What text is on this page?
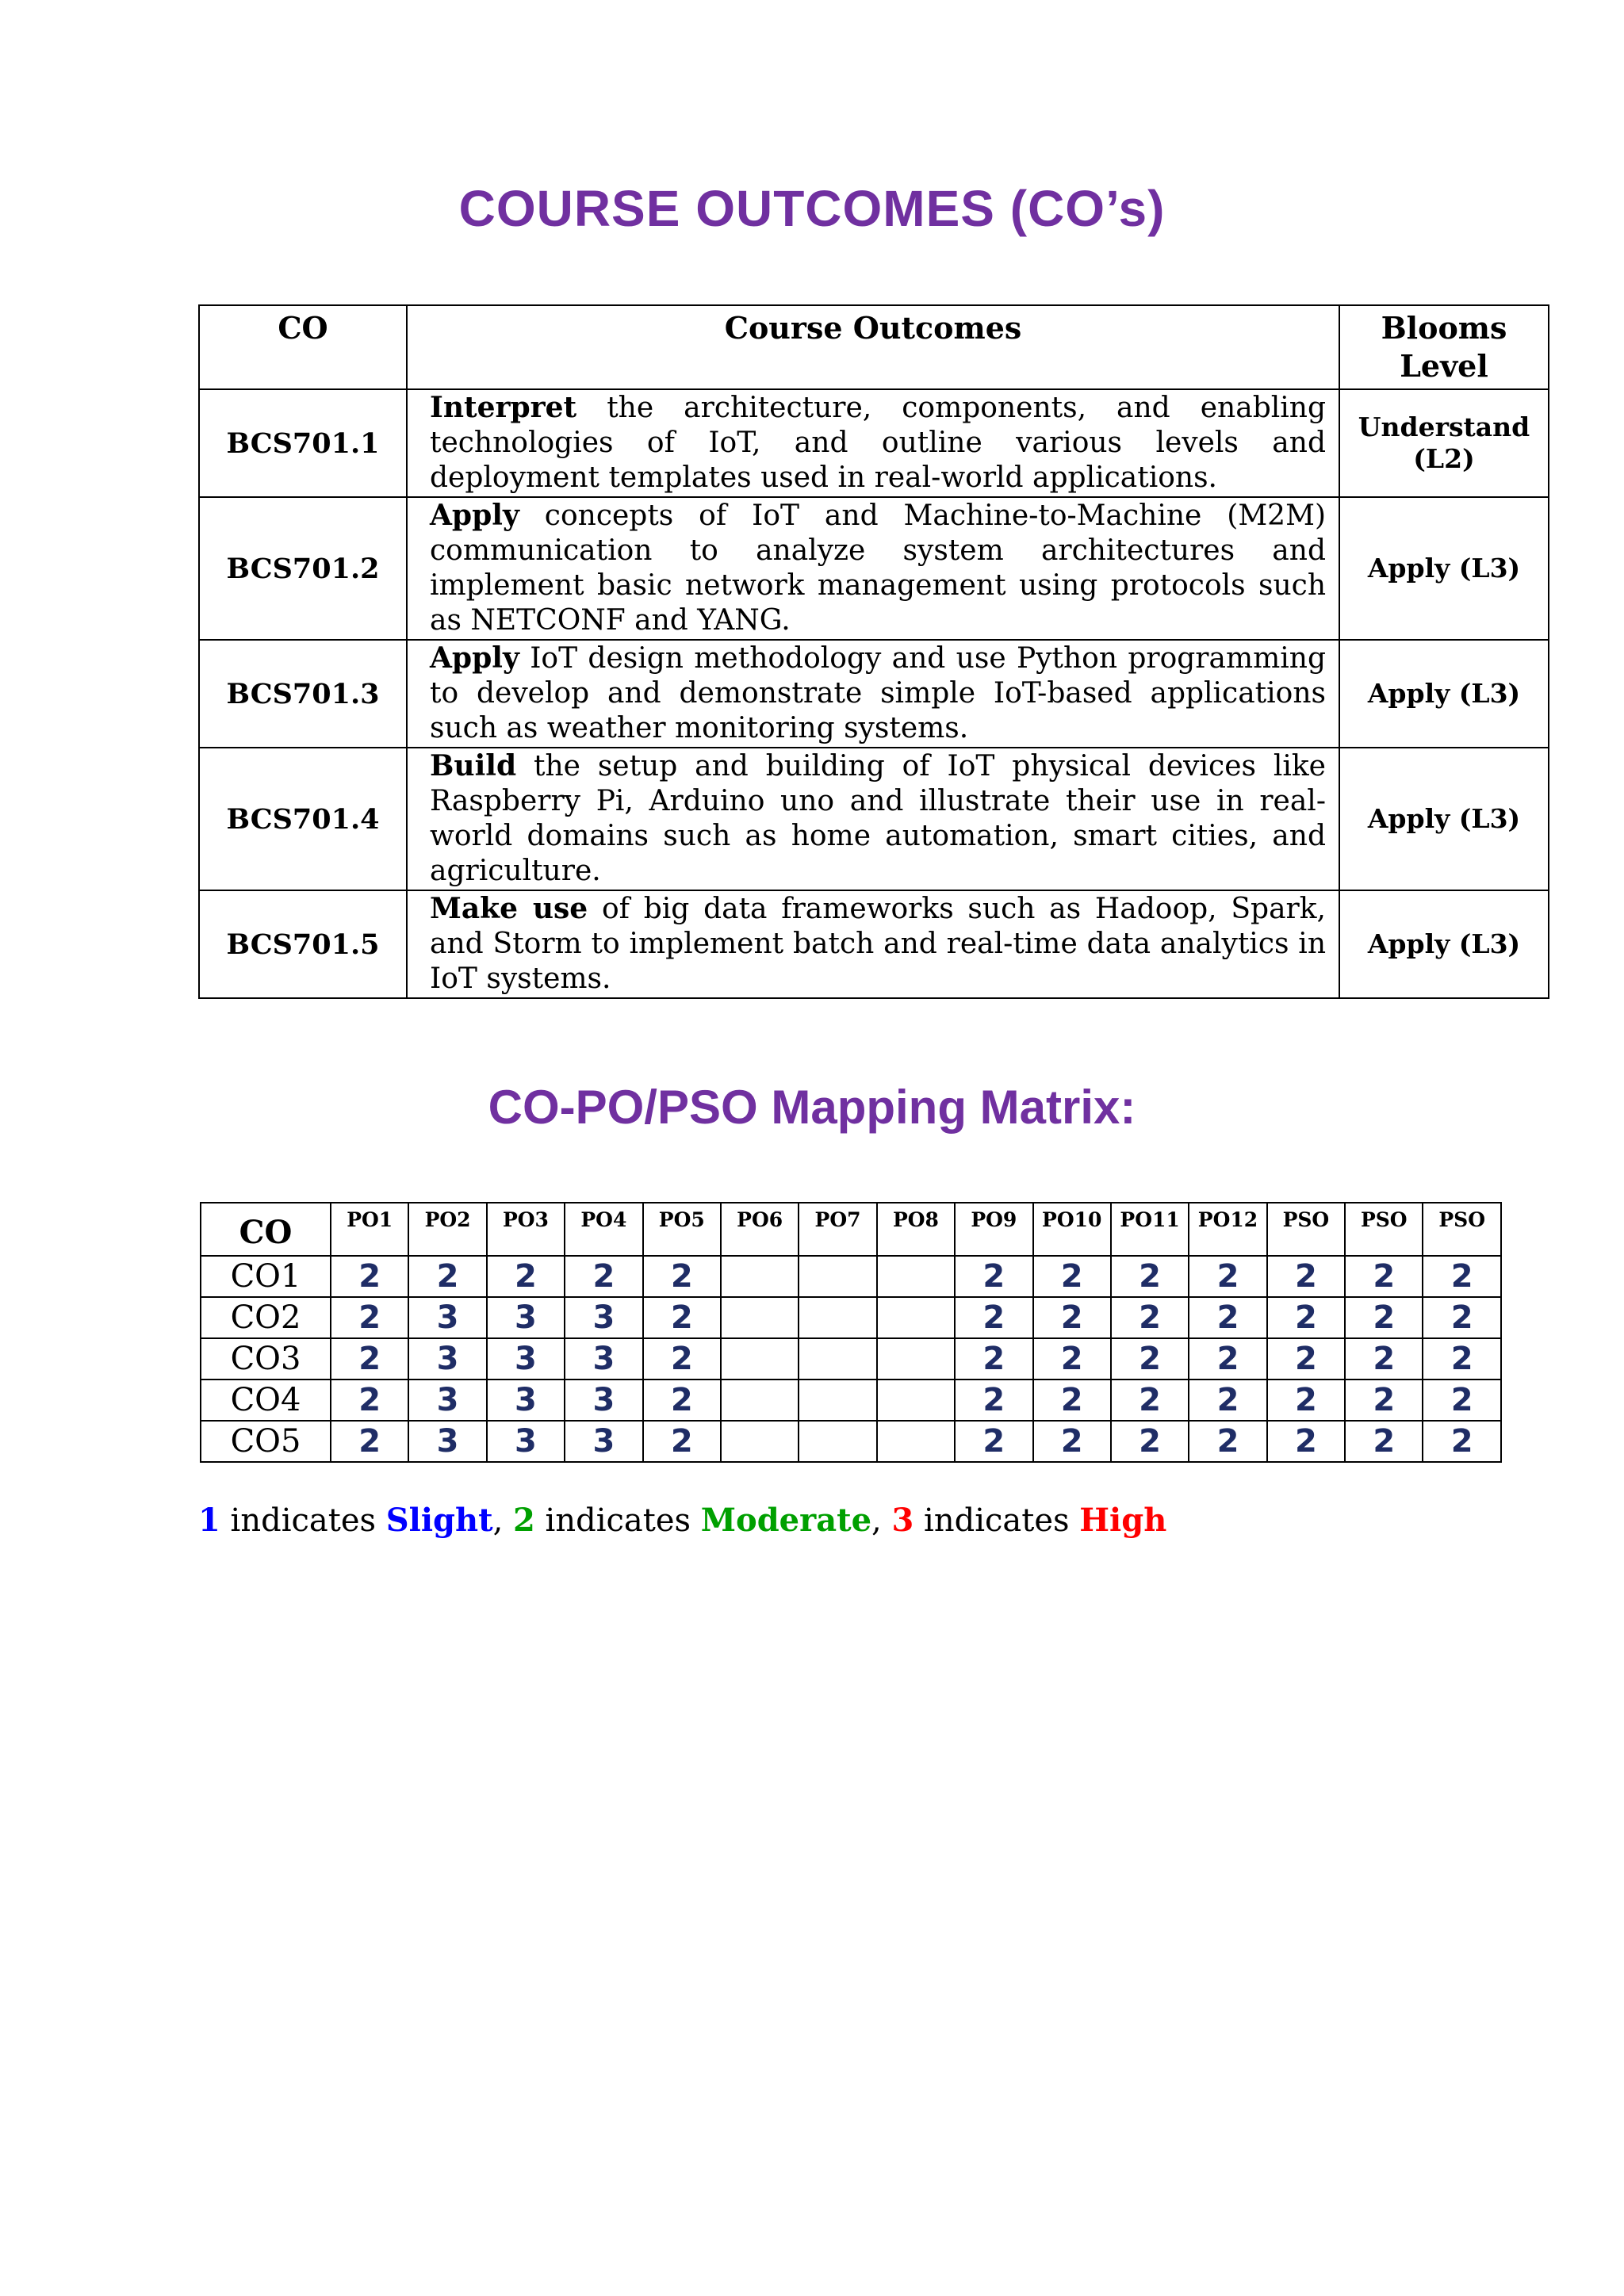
COURSE OUTCOMES (CO’s)
CO	Course Outcomes	Blooms Level
BCS701.1	Interpret the architecture, components, and enabling technologies of IoT, and outline various levels and deployment templates used in real-world applications.	Understand (L2)
BCS701.2	Apply concepts of IoT and Machine-to-Machine (M2M) communication to analyze system architectures and implement basic network management using protocols such as NETCONF and YANG.	Apply (L3)
BCS701.3	Apply IoT design methodology and use Python programming to develop and demonstrate simple IoT-based applications such as weather monitoring systems.	Apply (L3)
BCS701.4	Build the setup and building of IoT physical devices like Raspberry Pi, Arduino uno and illustrate their use in real-world domains such as home automation, smart cities, and agriculture.	Apply (L3)
BCS701.5	Make use of big data frameworks such as Hadoop, Spark, and Storm to implement batch and real-time data analytics in IoT systems.	Apply (L3)
CO-PO/PSO Mapping Matrix:
CO	PO1	PO2	PO3	PO4	PO5	PO6	PO7	PO8	PO9	PO10	PO11	PO12	PSO	PSO	PSO
CO1	2	2	2	2	2				2	2	2	2	2	2	2
CO2	2	3	3	3	2				2	2	2	2	2	2	2
CO3	2	3	3	3	2				2	2	2	2	2	2	2
CO4	2	3	3	3	2				2	2	2	2	2	2	2
CO5	2	3	3	3	2				2	2	2	2	2	2	2

1 indicates Slight, 2 indicates Moderate, 3 indicates High
